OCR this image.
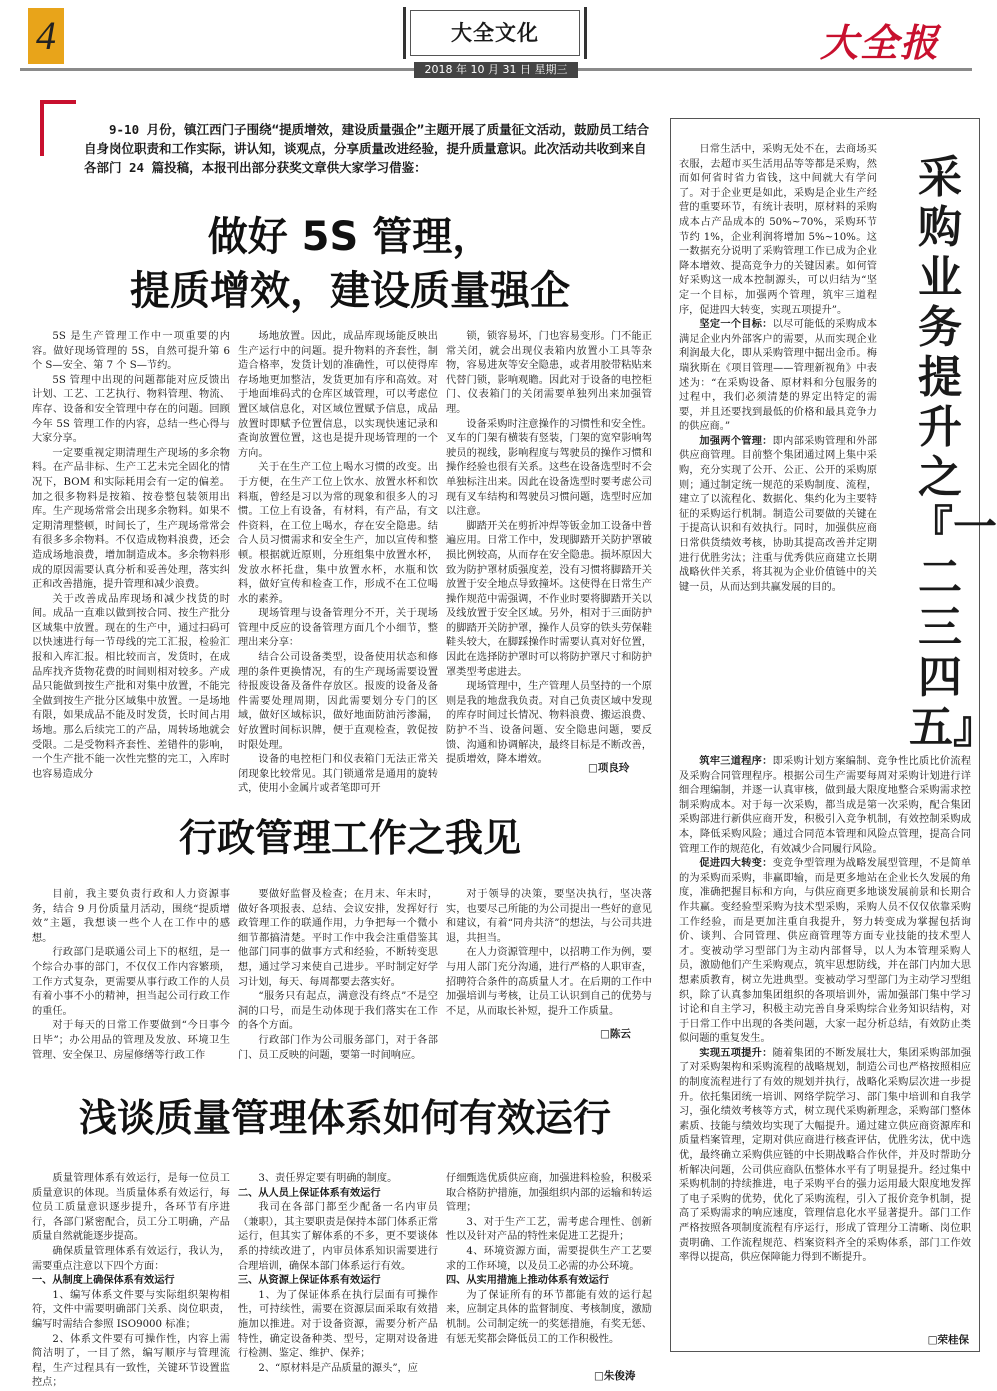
4	大全文化	大全报
2018 年 10 月 31 日 星期三

9-10 月份，镇江西门子围绕“提质增效，建设质量强企”主题开展了质量征文活动，鼓励员工结合自身岗位职责和工作实际，讲认知，谈观点，分享质量改进经验，提升质量意识。此次活动共收到来自各部门 24 篇投稿，本报刊出部分获奖文章供大家学习借鉴：

做好 5S 管理，
提质增效，建设质量强企

5S 是生产管理工作中一项重要的内容。做好现场管理的 5S，自然可提升第 6 个 S—安全、第 7 个 S—节约。

5S 管理中出现的问题都能对应反馈出计划、工艺、工艺执行、物料管理、物流、库存、设备和安全管理中存在的问题。回顾今年 5S 管理工作的内容，总结一些心得与大家分享。

一定要重视定期清理生产现场的多余物料。在产品非标、生产工艺未完全固化的情况下，BOM 和实际耗用会有一定的偏差。加之很多物料是按箱、按卷整包装领用出库。生产现场常常会出现多余物料。如果不定期清理整顿，时间长了，生产现场常常会有很多多余物料。不仅造成物料浪费，还会造成场地浪费，增加制造成本。多余物料形成的原因需要认真分析和妥善处理，落实纠正和改善措施，提升管理和减少浪费。

关于改善成品库现场和减少找货的时间。成品一直难以做到按合同、按生产批分区域集中放置。现在的生产中，通过扫码可以快速进行每一节母线的完工汇报，检验汇报和入库汇报。相比较而言，发货时，在成品库找齐货物花费的时间则相对较多。产成品只能做到按生产批和对集中放置，不能完全做到按生产批分区域集中放置。一是场地有限，如果成品不能及时发货，长时间占用场地。那么后续完工的产品，周转场地就会受限。二是受物料齐套性、差错件的影响，一个生产批不能一次性完整的完工，入库时也容易造成分

场地放置。因此，成品库现场能反映出生产运行中的问题。提升物料的齐套性，制造合格率，发货计划的准确性，可以使得库存场地更加整洁，发货更加有序和高效。对于地面堆码式的仓库区域管理，可以考虑位置区域信息化，对区域位置赋予信息，成品放置时即赋予位置信息，以实现快速记录和查询放置位置，这也是提升现场管理的一个方向。

关于在生产工位上喝水习惯的改变。出于方便，在生产工位上饮水、放置水杯和饮料瓶，曾经是习以为常的现象和很多人的习惯。工位上有设备，有材料，有产品，有文件资料，在工位上喝水，存在安全隐患。结合人员习惯需求和安全生产，加以宣传和整顿。根据就近原则，分班组集中放置水杯，发放水杯托盘，集中放置水杯，水瓶和饮料，做好宣传和检查工作，形成不在工位喝水的素养。

现场管理与设备管理分不开，关于现场管理中反应的设备管理方面几个小细节，整理出来分享：

结合公司设备类型，设备使用状态和修理的条件更换情况，有的生产现场需要设置待报废设备及备件存放区。报废的设备及备件需要处理周期，因此需要划分专门的区域，做好区域标识，做好地面防油污渗漏，好放置时间标识牌，便于直观检查，敦促按时限处理。

设备的电控柜门和仪表箱门无法正常关闭现象比较常见。其门锁通常是通用的旋转式，使用小金属片或者笔即可开

锁，锁容易坏，门也容易变形。门不能正常关闭，就会出现仪表箱内放置小工具等杂物，容易进灰等安全隐患，或者用胶带粘贴来代替门锁，影响观瞻。因此对于设备的电控柜门、仪表箱门的关闭需要单独列出来加强管理。

设备采购时注意操作的习惯性和安全性。叉车的门架有横装有竖装，门架的宽窄影响驾驶员的视线，影响程度与驾驶员的操作习惯和操作经验也很有关系。这些在设备选型时不会单独标注出来。因此在设备选型时要考虑公司现有叉车结构和驾驶员习惯问题，选型时应加以注意。

脚踏开关在剪折冲焊等钣金加工设备中普遍应用。日常工作中，发现脚踏开关防护罩破损比例较高，从而存在安全隐患。损坏原因大致为防护罩材质强度差，没有习惯将脚踏开关放置于安全地点导致撞坏。这使得在日常生产操作规范中需强调，不作业时要将脚踏开关以及线放置于安全区域。另外，相对于三面防护的脚踏开关防护罩，操作人员穿的铁头劳保鞋鞋头较大，在脚踩操作时需要认真对好位置，因此在选择防护罩时可以将防护罩尺寸和防护罩类型考虑进去。

现场管理中，生产管理人员坚持的一个原则是我的地盘我负责。对自己负责区域中发现的库存时间过长情况、物料浪费、搬运浪费、防护不当、设备问题、安全隐患问题，要反馈、沟通和协调解决，最终目标是不断改善，提质增效，降本增效。

□项良玲
行政管理工作之我见

目前，我主要负责行政和人力资源事务，结合 9 月份质量月活动，围绕“提质增效”主题，我想谈一些个人在工作中的感想。

行政部门是联通公司上下的枢纽，是一个综合办事的部门，不仅仅工作内容繁琐，工作方式复杂，更需要从事行政工作的人员有着小事不小的精神，担当起公司行政工作的重任。

对于每天的日常工作要做到“今日事今日毕”；办公用品的管理及发放、环境卫生管理、安全保卫、房屋修缮等行政工作

要做好监督及检查；在月末、年末时，做好各项报表、总结、会议安排，发挥好行政管理工作的联通作用，力争把每一个微小细节都搞清楚。平时工作中我会注重借鉴其他部门同事的做事方式和经验，不断转变思想，通过学习来使自己进步。平时制定好学习计划，每天、每周都要去落实好。

“服务只有起点，满意没有终点”不是空洞的口号，而是生动体现于我们落实在工作的各个方面。

行政部门作为公司服务部门，对于各部门、员工反映的问题，要第一时间响应。

对于领导的决策，要坚决执行，坚决落实，也要尽己所能的为公司提出一些好的意见和建议，有着“同舟共济”的想法，与公司共进退，共担当。

在人力资源管理中，以招聘工作为例，要与用人部门充分沟通，进行严格的人职审查，招聘符合条件的高质量人才。在后期的工作中加强培训与考核，让员工认识到自己的优势与不足，从而取长补短，提升工作质量。

□陈云
浅谈质量管理体系如何有效运行

质量管理体系有效运行，是每一位员工质量意识的体现。当质量体系有效运行，每位员工质量意识逐步提升，各环节有序进行，各部门紧密配合，员工分工明确，产品质量自然就能逐步提高。

确保质量管理体系有效运行，我认为，需要重点注意以下四个方面：

一、从制度上确保体系有效运行

1、编写体系文件要与实际组织架构相符，文件中需要明确部门关系、岗位职责，编写时需结合参照 ISO9000 标准；

2、体系文件要有可操作性，内容上需简洁明了，一目了然，编写顺序与管理流程，生产过程具有一致性，关键环节设置监控点；

3、责任界定要有明确的制度。

二、从人员上保证体系有效运行

我司在各部门都至少配备一名内审员（兼职），其主要职责是保持本部门体系正常运行，但其实了解体系的不多，更不要谈体系的持续改进了，内审员体系知识需要进行合理培训，确保本部门体系运行有效。

三、从资源上保证体系有效运行

1、为了保证体系在执行层面有可操作性，可持续性，需要在资源层面采取有效措施加以推进。对于设备资源，需要分析产品特性，确定设备种类、型号，定期对设备进行检测、鉴定、维护、保养；

2、“原材料是产品质量的源头”，应

仔细甄选优质供应商，加强进料检验，积极采取合格防护措施，加强组织内部的运输和转运管理；

3、对于生产工艺，需考虑合理性、创新性以及针对产品的特性来促进工艺提升；

4、环境资源方面，需要提供生产工艺要求的工作环境，以及员工必需的办公环境。

四、从实用措施上推动体系有效运行

为了保证所有的环节都能有效的运行起来，应制定具体的监督制度、考核制度，激励机制。公司制定统一的奖惩措施，有奖无惩、有惩无奖都会降低员工的工作积极性。

□朱俊涛
采购业务提升之『一二三四五』

日常生活中，采购无处不在，去商场买衣服，去超市买生活用品等等都是采购，然而如何省时省力省钱，这中间就大有学问了。对于企业更是如此，采购是企业生产经营的重要环节，有统计表明，原材料的采购成本占产品成本的 50%~70%，采购环节节约 1%，企业利润将增加 5%~10%。这一数据充分说明了采购管理工作已成为企业降本增效、提高竞争力的关键因素。如何管好采购这一成本控制源头，可以归结为“坚定一个目标，加强两个管理，筑牢三道程序，促进四大转变，实现五项提升”。

坚定一个目标：以尽可能低的采购成本满足企业内外部客户的需要，从而实现企业利润最大化，即从采购管理中掘出金币。梅瑞狄斯在《项目管理——管理新视角》中表述为：“在采购设备、原材料和分包服务的过程中，我们必须清楚的界定出特定的需要，并且还要找到最低的价格和最具竞争力的供应商。”

加强两个管理：即内部采购管理和外部供应商管理。目前整个集团通过网上集中采购，充分实现了公开、公正、公开的采购原则；通过制定统一规范的采购制度、流程，建立了以流程化、数据化、集约化为主要特征的采购运行机制。制造公司要做的关键在于提高认识和有效执行。同时，加强供应商日常供货绩效考核，协助其提高改善并定期进行优胜劣汰；注重与优秀供应商建立长期战略伙伴关系，将其视为企业价值链中的关键一员，从而达到共赢发展的目的。

筑牢三道程序：即采购计划方案编制、竞争性比质比价流程及采购合同管理程序。根据公司生产需要每周对采购计划进行详细合理编制，并逐一认真审核，做到最大限度地整合采购需求控制采购成本。对于每一次采购，都当成是第一次采购，配合集团采购部进行新供应商开发，积极引入竞争机制，有效控制采购成本，降低采购风险；通过合同范本管理和风险点管理，提高合同管理工作的规范化，有效减少合同履行风险。

促进四大转变：变竞争型管理为战略发展型管理，不是简单的为采购而采购，非赢即输，而是更多地站在企业长久发展的角度，准确把握目标和方向，与供应商更多地谈发展前景和长期合作共赢。变经验型采购为技术型采购，采购人员不仅仅依靠采购工作经验，而是更加注重自我提升，努力转变成为掌握包括询价、谈判、合同管理、供应商管理等方面专业技能的技术型人才。变被动学习型部门为主动内部督导，以人为本管理采购人员，激励他们产生采购观点，筑牢思想防线，并在部门内加大思想素质教育，树立先进典型。变被动学习型部门为主动学习型组织，除了认真参加集团组织的各项培训外，需加强部门集中学习讨论和自主学习，积极主动完善自身采购综合业务知识结构，对于日常工作中出现的各类问题，大家一起分析总结，有效防止类似问题的重复发生。

实现五项提升：随着集团的不断发展壮大，集团采购部加强了对采购架构和采购流程的战略规划，制造公司也严格按照相应的制度流程进行了有效的规划并执行，战略化采购层次进一步提升。依托集团统一培训、网络学院学习、部门集中培训和自我学习，强化绩效考核等方式，树立现代采购新理念，采购部门整体素质、技能与绩效均实现了大幅提升。通过建立供应商资源库和质量档案管理，定期对供应商进行核查评估，优胜劣汰，优中选优，最终确立采购供应链的中长期战略合作伙伴，并及时帮助分析解决问题，公司供应商队伍整体水平有了明显提升。经过集中采购机制的持续推进，电子采购平台的强力运用最大限度地发挥了电子采购的优势，优化了采购流程，引入了报价竞争机制，提高了采购需求的响应速度，管理信息化水平显著提升。部门工作严格按照各项制度流程有序运行，形成了管理分工清晰、岗位职责明确、工作流程规范、档案资料齐全的采购体系，部门工作效率得以提高，供应保障能力得到不断提升。

□荣桂保
